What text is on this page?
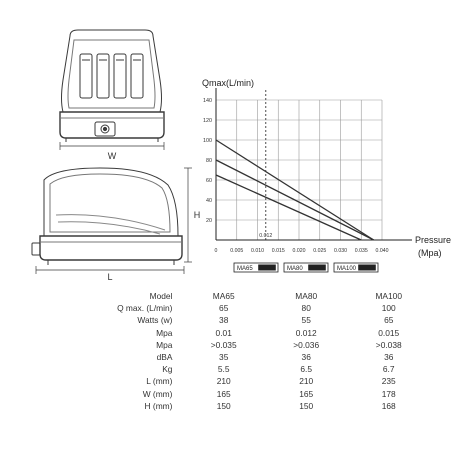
W
H
L
0 0.005 0.010 0.015 0.020 0.025 0.030 0.035 0.040
20
40
60
80
100
120
140
0.012
MA65	MA80	MA100
Qmax(L/min)
Pressure
(Mpa)
Model	MA65	MA80	MA100
Q max. (L/min)	65	80	100
Watts (w)	38	55	65
Mpa	0.01	0.012	0.015
Mpa	>0.035	>0.036	>0.038
dBA	35	36	36
Kg	5.5	6.5	6.7
L (mm)	210	210	235
W (mm)	165	165	178
H (mm)	150	150	168
